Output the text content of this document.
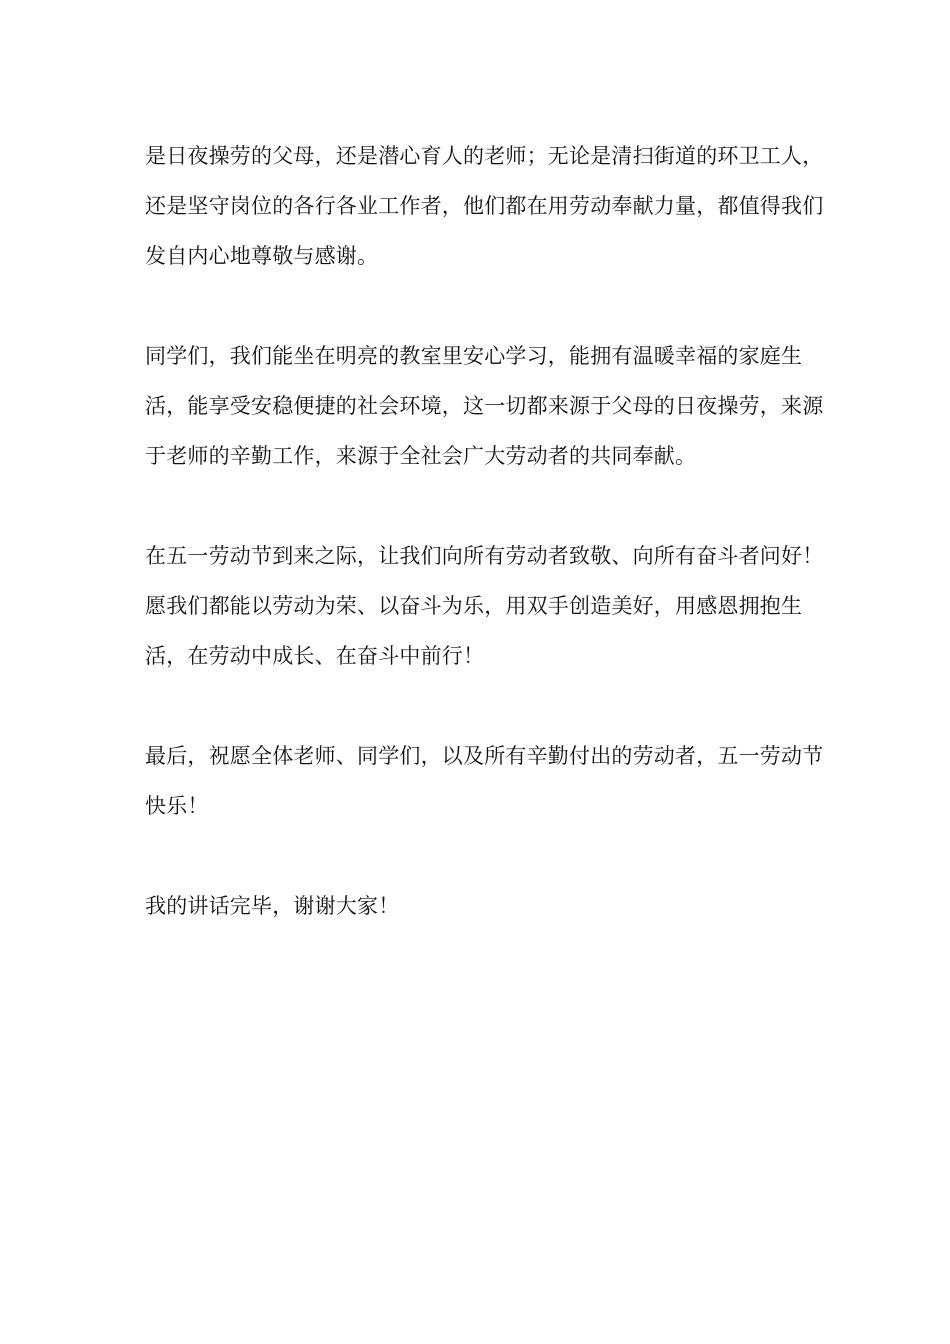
是日夜操劳的父母，还是潜心育人的老师；无论是清扫街道的环卫工人，还是坚守岗位的各行各业工作者，他们都在用劳动奉献力量，都值得我们发自内心地尊敬与感谢。

同学们，我们能坐在明亮的教室里安心学习，能拥有温暖幸福的家庭生活，能享受安稳便捷的社会环境，这一切都来源于父母的日夜操劳，来源于老师的辛勤工作，来源于全社会广大劳动者的共同奉献。

在五一劳动节到来之际，让我们向所有劳动者致敬、向所有奋斗者问好！愿我们都能以劳动为荣、以奋斗为乐，用双手创造美好，用感恩拥抱生活，在劳动中成长、在奋斗中前行！

最后，祝愿全体老师、同学们，以及所有辛勤付出的劳动者，五一劳动节快乐！

我的讲话完毕，谢谢大家！
